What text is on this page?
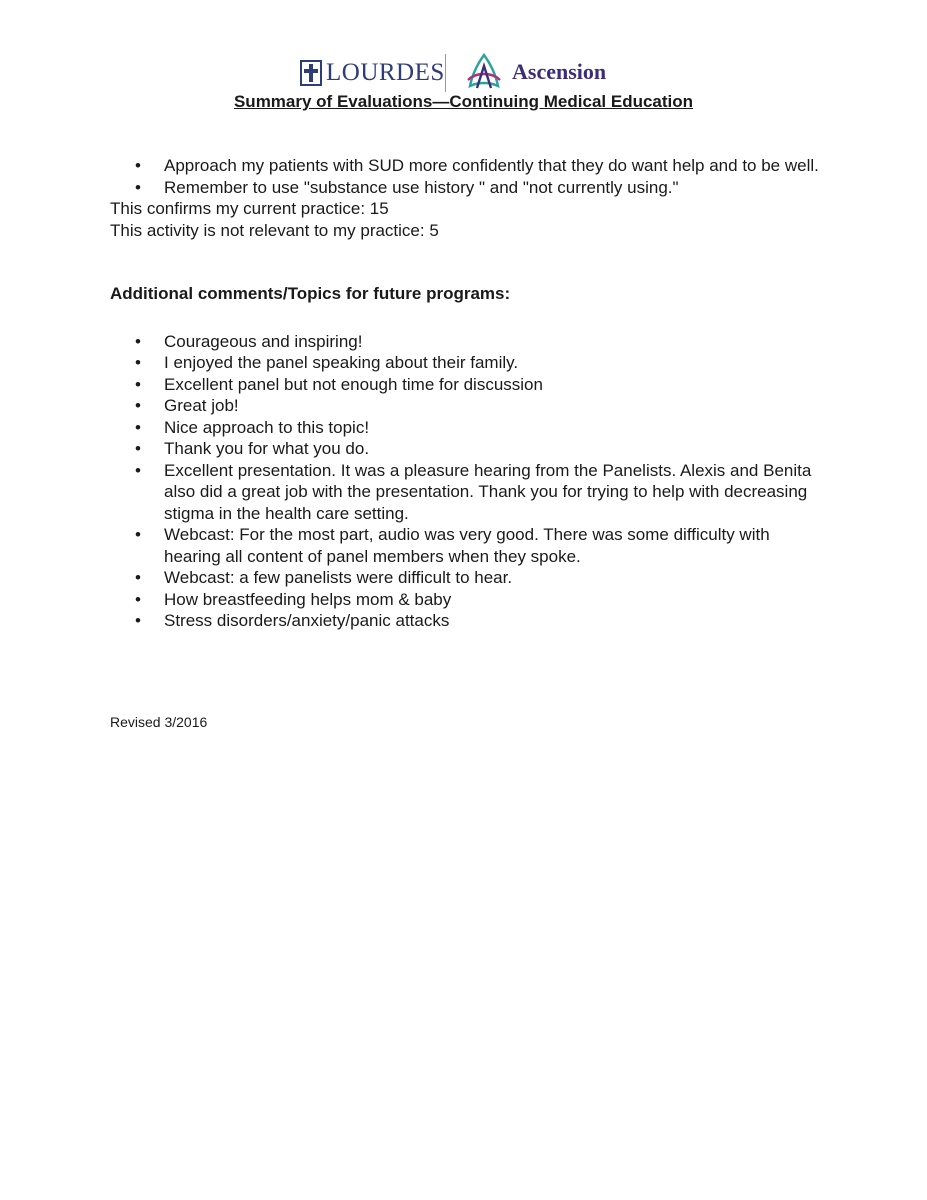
LOURDES	Ascension
Summary of Evaluations—Continuing Medical Education
• Approach my patients with SUD more confidently that they do want help and to be well.
• Remember to use "substance use history " and "not currently using."

This confirms my current practice: 15

This activity is not relevant to my practice: 5

Additional comments/Topics for future programs:

• Courageous and inspiring!
• I enjoyed the panel speaking about their family.
• Excellent panel but not enough time for discussion
• Great job!
• Nice approach to this topic!
• Thank you for what you do.
• Excellent presentation. It was a pleasure hearing from the Panelists. Alexis and Benita also did a great job with the presentation. Thank you for trying to help with decreasing stigma in the health care setting.
• Webcast: For the most part, audio was very good. There was some difficulty with hearing all content of panel members when they spoke.
• Webcast: a few panelists were difficult to hear.
• How breastfeeding helps mom & baby
• Stress disorders/anxiety/panic attacks

Revised 3/2016
